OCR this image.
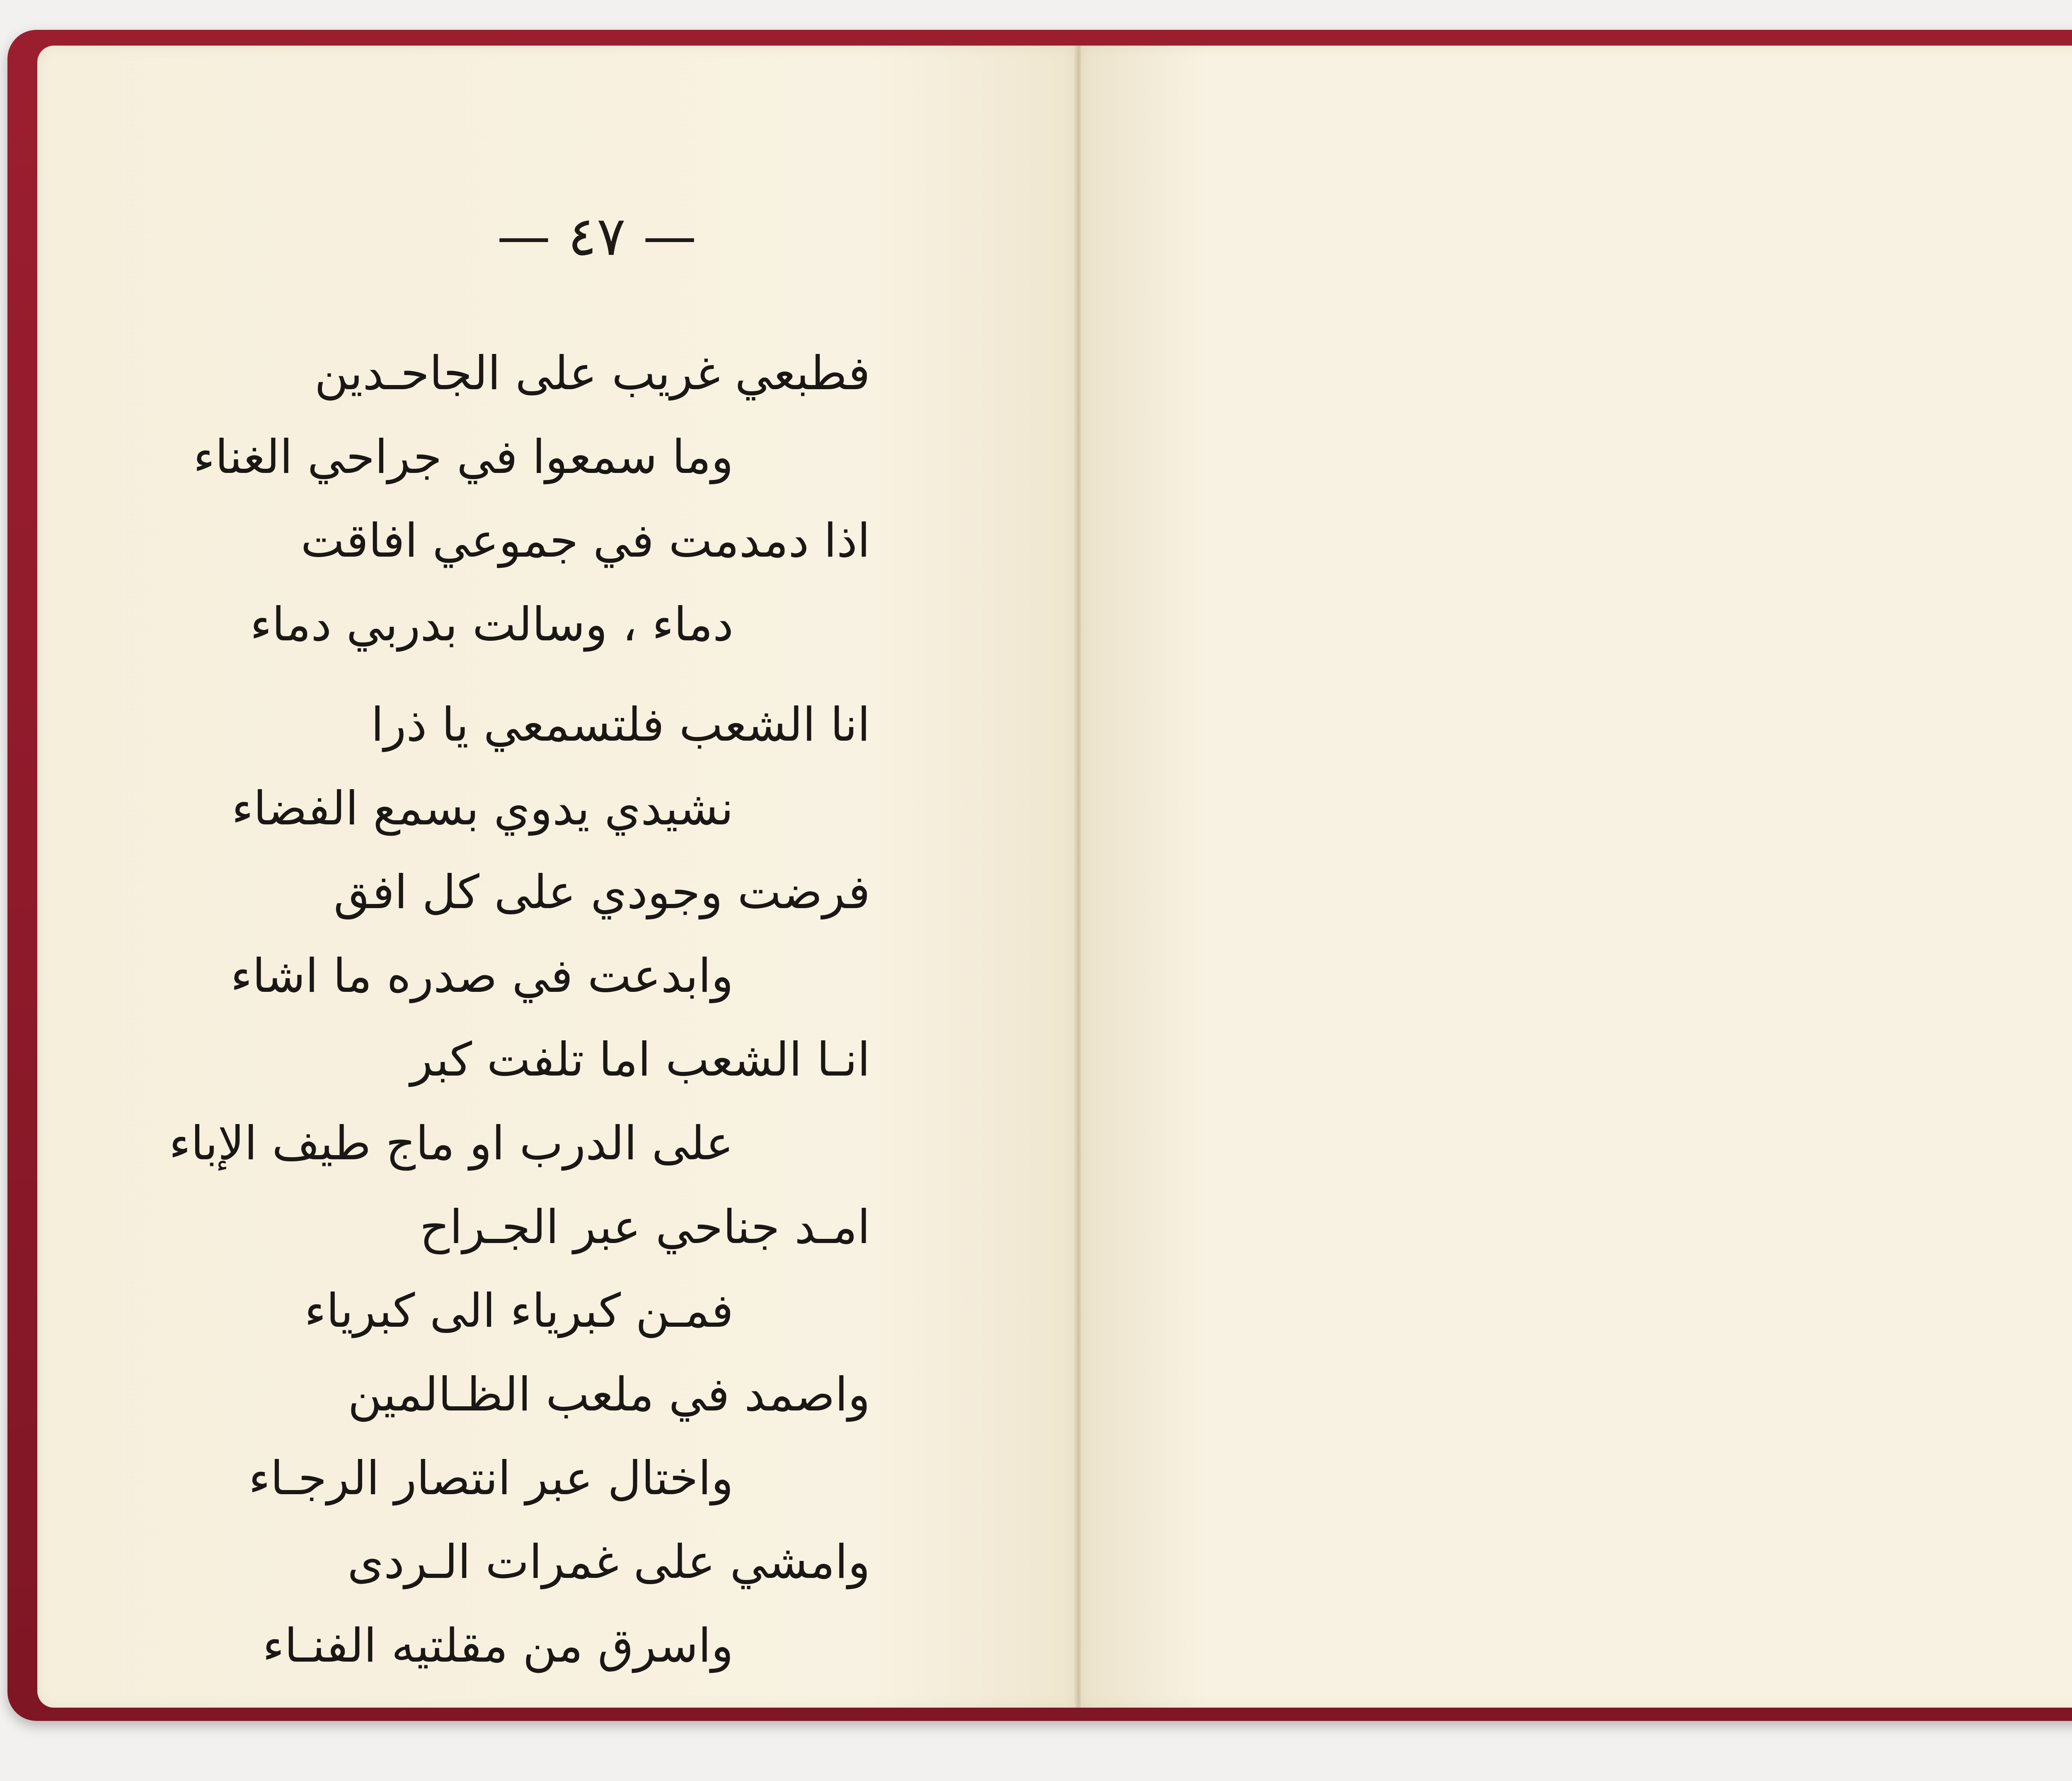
— ٤٧ —
فطبعي غريب على الجاحـدين
وما سمعوا في جراحي الغناء
اذا دمدمت في جموعي افاقت
دماء ، وسالت بدربي دماء
انا الشعب فلتسمعي يا ذرا
نشيدي يدوي بسمع الفضاء
فرضت وجودي على كل افق
وابدعت في صدره ما اشاء
انـا الشعب اما تلفت كبر
على الدرب او ماج طيف الإباء
امـد جناحي عبر الجـراح
فمـن كبرياء الى كبرياء
واصمد في ملعب الظـالمين
واختال عبر انتصار الرجـاء
وامشي على غمرات الـردى
واسرق من مقلتيه الفنـاء
